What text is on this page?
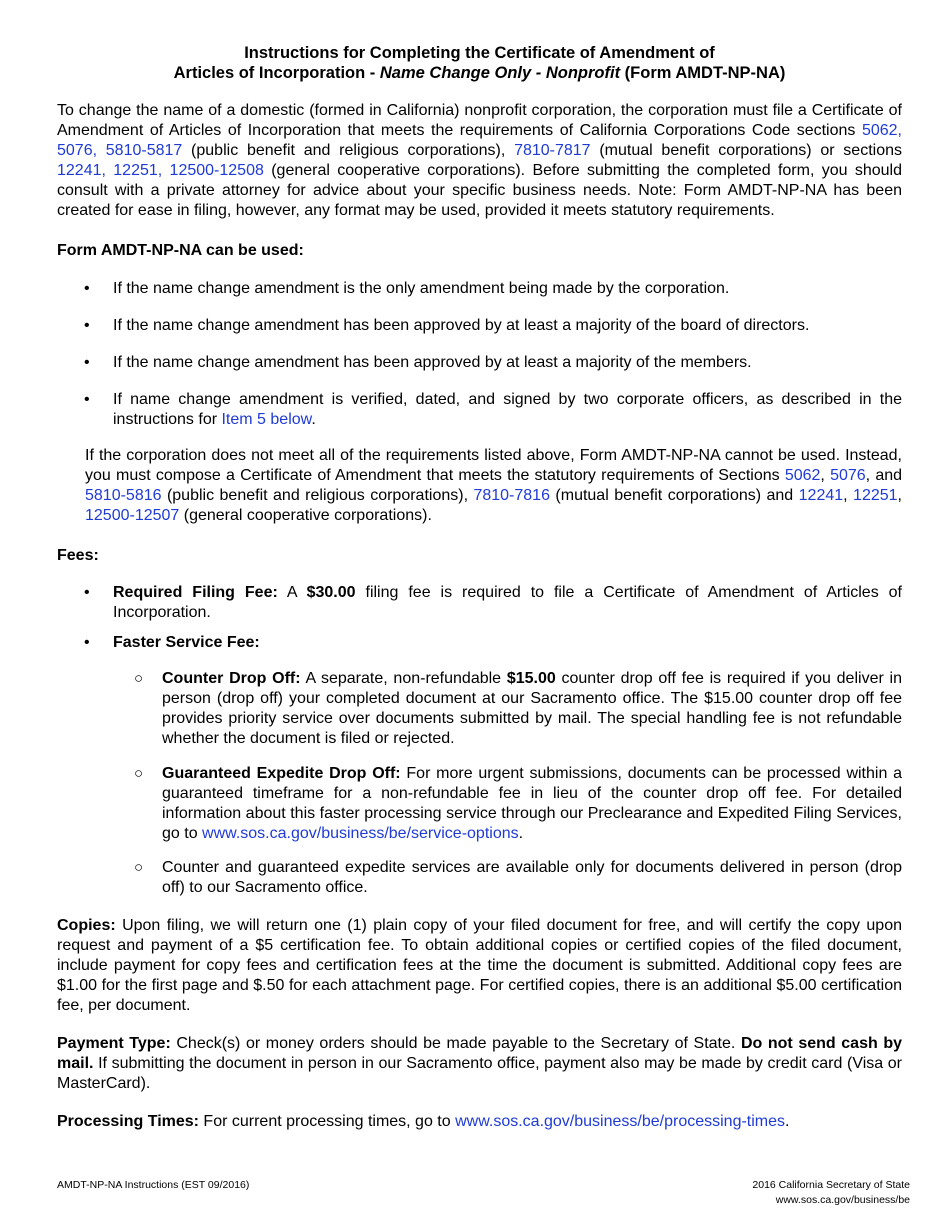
Instructions for Completing the Certificate of Amendment of
Articles of Incorporation - Name Change Only - Nonprofit (Form AMDT-NP-NA)

To change the name of a domestic (formed in California) nonprofit corporation, the corporation must file a Certificate of Amendment of Articles of Incorporation that meets the requirements of California Corporations Code sections 5062, 5076, 5810-5817 (public benefit and religious corporations), 7810-7817 (mutual benefit corporations) or sections 12241, 12251, 12500-12508 (general cooperative corporations). Before submitting the completed form, you should consult with a private attorney for advice about your specific business needs. Note: Form AMDT-NP-NA has been created for ease in filing, however, any format may be used, provided it meets statutory requirements.

Form AMDT-NP-NA can be used:
• If the name change amendment is the only amendment being made by the corporation.
• If the name change amendment has been approved by at least a majority of the board of directors.
• If the name change amendment has been approved by at least a majority of the members.
• If name change amendment is verified, dated, and signed by two corporate officers, as described in the instructions for Item 5 below.

If the corporation does not meet all of the requirements listed above, Form AMDT-NP-NA cannot be used. Instead, you must compose a Certificate of Amendment that meets the statutory requirements of Sections 5062, 5076, and 5810-5816 (public benefit and religious corporations), 7810-7816 (mutual benefit corporations) and 12241, 12251, 12500-12507 (general cooperative corporations).

Fees:
• Required Filing Fee: A $30.00 filing fee is required to file a Certificate of Amendment of Articles of Incorporation.
• Faster Service Fee:
○ Counter Drop Off: A separate, non-refundable $15.00 counter drop off fee is required if you deliver in person (drop off) your completed document at our Sacramento office. The $15.00 counter drop off fee provides priority service over documents submitted by mail. The special handling fee is not refundable whether the document is filed or rejected.
○ Guaranteed Expedite Drop Off: For more urgent submissions, documents can be processed within a guaranteed timeframe for a non-refundable fee in lieu of the counter drop off fee. For detailed information about this faster processing service through our Preclearance and Expedited Filing Services, go to www.sos.ca.gov/business/be/service-options.
○ Counter and guaranteed expedite services are available only for documents delivered in person (drop off) to our Sacramento office.

Copies: Upon filing, we will return one (1) plain copy of your filed document for free, and will certify the copy upon request and payment of a $5 certification fee. To obtain additional copies or certified copies of the filed document, include payment for copy fees and certification fees at the time the document is submitted. Additional copy fees are $1.00 for the first page and $.50 for each attachment page. For certified copies, there is an additional $5.00 certification fee, per document.

Payment Type: Check(s) or money orders should be made payable to the Secretary of State. Do not send cash by mail. If submitting the document in person in our Sacramento office, payment also may be made by credit card (Visa or MasterCard).

Processing Times: For current processing times, go to www.sos.ca.gov/business/be/processing-times.

AMDT-NP-NA Instructions (EST 09/2016)	2016 California Secretary of State
www.sos.ca.gov/business/be
